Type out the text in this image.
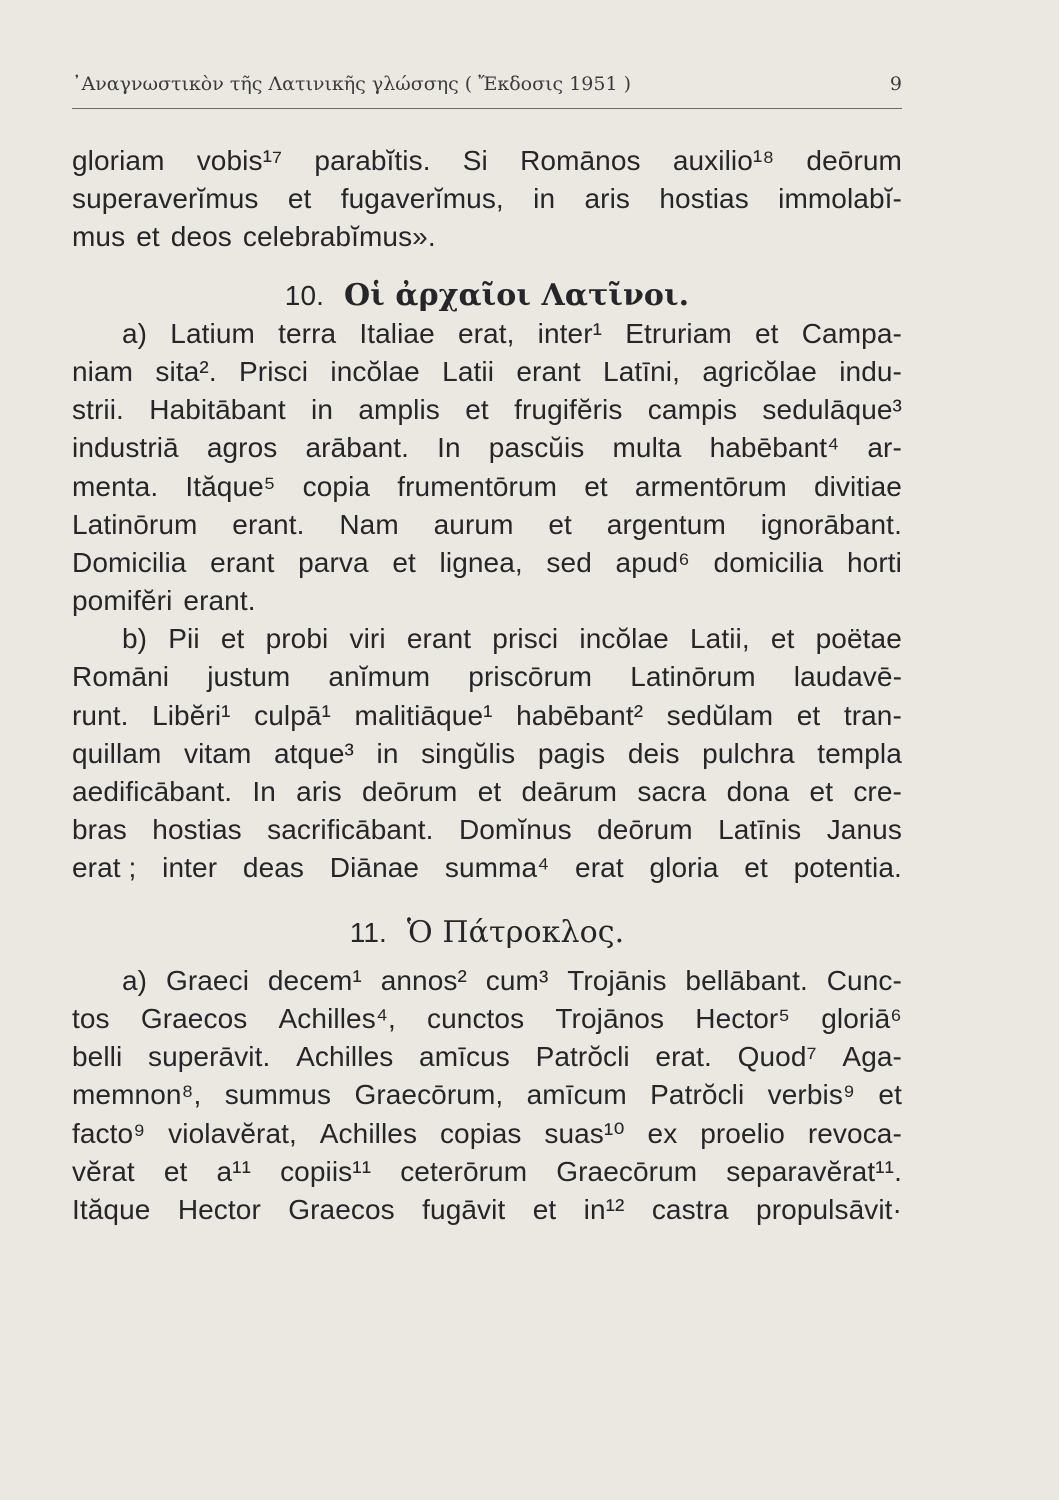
᾽Αναγνωστικὸν τῆς Λατινικῆς γλώσσης ( Ἔκδοσις 1951 )	9
gloriam vobis¹⁷ parabĭtis. Si Romānos auxilio¹⁸ deōrum
superaverĭmus et fugaverĭmus, in aris hostias immolabĭ-
mus et deos celebrabĭmus».
10. Οἱ ἀρχαῖοι Λατῖνοι.
a) Latium terra Italiae erat, inter¹ Etruriam et Campa-
niam sita². Prisci incŏlae Latii erant Latīni, agricŏlae indu-
strii. Habitābant in amplis et frugifĕris campis sedulāque³
industriā agros arābant. In pascŭis multa habēbant⁴ ar-
menta. Ităque⁵ copia frumentōrum et armentōrum divitiae
Latinōrum erant. Nam aurum et argentum ignorābant.
Domicilia erant parva et lignea, sed apud⁶ domicilia horti
pomifĕri erant.
b) Pii et probi viri erant prisci incŏlae Latii, et poëtae
Romāni justum anĭmum priscōrum Latinōrum laudavē-
runt. Libĕri¹ culpā¹ malitiāque¹ habēbant² sedŭlam et tran-
quillam vitam atque³ in singŭlis pagis deis pulchra templa
aedificābant. In aris deōrum et deārum sacra dona et cre-
bras hostias sacrificābant. Domĭnus deōrum Latīnis Janus
erat ; inter deas Diānae summa⁴ erat gloria et potentia.
11. Ὁ Πάτροκλος.
a) Graeci decem¹ annos² cum³ Trojānis bellābant. Cunc-
tos Graecos Achilles⁴, cunctos Trojānos Hector⁵ gloriā⁶
belli superāvit. Achilles amīcus Patrŏcli erat. Quod⁷ Aga-
memnon⁸, summus Graecōrum, amīcum Patrŏcli verbis⁹ et
facto⁹ violavĕrat, Achilles copias suas¹⁰ ex proelio revoca-
vĕrat et a¹¹ copiis¹¹ ceterōrum Graecōrum separavĕrat¹¹.
Ităque Hector Graecos fugāvit et in¹² castra propulsāvit·
